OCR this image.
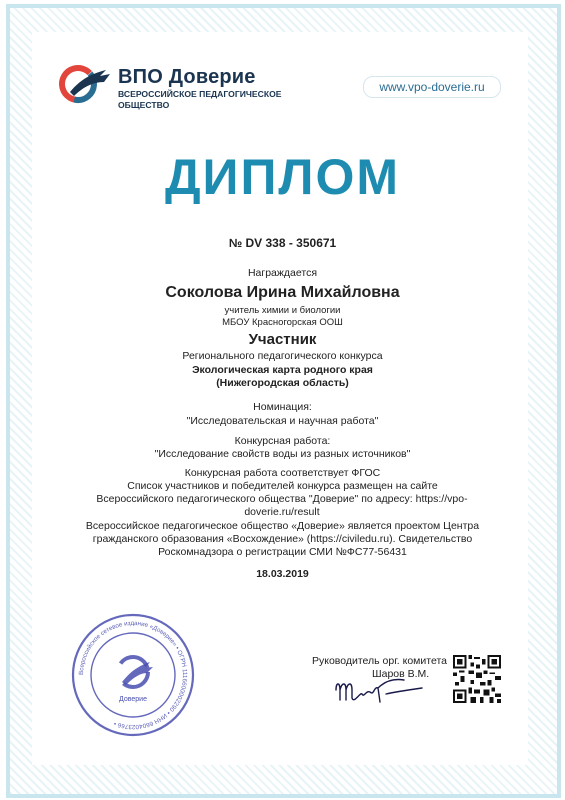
ВПО Доверие
ВСЕРОССИЙСКОЕ ПЕДАГОГИЧЕСКОЕ ОБЩЕСТВО
www.vpo-doverie.ru
ДИПЛОМ
№ DV 338 - 350671
Награждается
Соколова Ирина Михайловна
учитель химии и биологии
МБОУ Красногорская ООШ
Участник
Регионального педагогического конкурса
Экологическая карта родного края
(Нижегородская область)
Номинация:
"Исследовательская и научная работа"
Конкурсная работа:
"Исследование свойств воды из разных источников"
Конкурсная работа соответствует ФГОС
Список участников и победителей конкурса размещен на сайте
Всероссийского педагогического общества "Доверие" по адресу: https://vpo-
doverie.ru/result
Всероссийское педагогическое общество «Доверие» является проектом Центра гражданского образования «Восхождение» (https://civiledu.ru). Свидетельство Роскомнадзора о регистрации СМИ №ФС77-56431
18.03.2019
Всероссийское сетевое издание «Доверие» • ОГРН 1116600002290 • ИНН 6604023766 •
Доверие
Руководитель орг. комитета
Шаров В.М.
